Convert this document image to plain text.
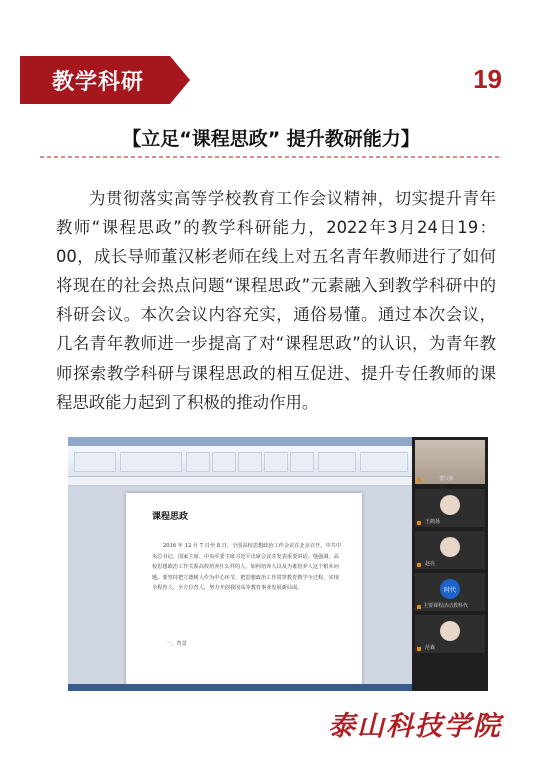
教学科研	19
【立足“课程思政” 提升教研能力】
为贯彻落实高等学校教育工作会议精神，切实提升青年教师“课程思政”的教学科研能力，2022年3月24日19：00，成长导师董汉彬老师在线上对五名青年教师进行了如何将现在的社会热点问题“课程思政”元素融入到教学科研中的科研会议。本次会议内容充实，通俗易懂。通过本次会议，几名青年教师进一步提高了对“课程思政”的认识，为青年教师探索教学科研与课程思政的相互促进、提升专任教师的课程思政能力起到了积极的推动作用。
课程思政
2016 年 12 月 7 日至 8 日，全国高校思想政治工作会议在北京召开。中共中央总书记、国家主席、中央军委主席习近平出席会议并发表重要讲话。他强调，高校思想政治工作关系高校培养什么样的人、如何培养人以及为谁培养人这个根本问题。要坚持把立德树人作为中心环节，把思想政治工作贯穿教育教学全过程，实现全程育人、全方位育人，努力开创我国高等教育事业发展新局面。
一、背景
董汉彬
王鹤扬
赵亮
时代
主要课程活动教科代
范森
泰山科技学院
